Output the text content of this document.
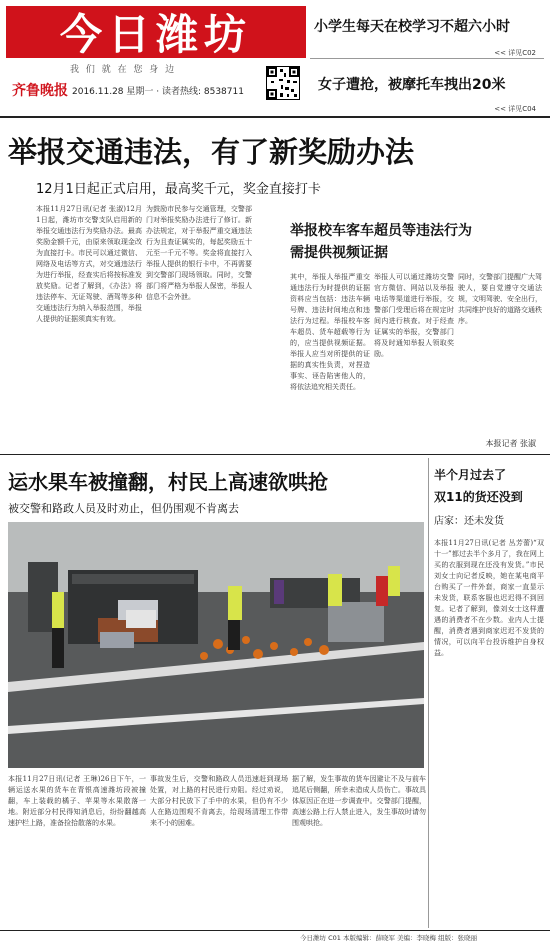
今日潍坊
我 们 就 在 您 身 边
齐鲁晚报 2016.11.28 星期一 · 读者热线: 8538711
小学生每天在校学习不超六小时
<< 详见C02
女子遭抢，被摩托车拽出20米
<< 详见C04
举报交通违法，有了新奖励办法
12月1日起正式启用，最高奖千元，奖金直接打卡
本报11月27日讯(记者 张淑)12月1日起，潍坊市交警支队启用新的举报交通违法行为奖励办法。最高奖励金额千元，由原来领取现金改为直接打卡。市民可以通过微信、网络及电话等方式，对交通违法行为进行举报，经查实后将按标准发放奖励。记者了解到，《办法》将违法停车、无证驾驶、酒驾等多种交通违法行为纳入举报范围，举报人提供的证据须真实有效。
为鼓励市民参与交通管理，交警部门对举报奖励办法进行了修订。新办法规定，对于举报严重交通违法行为且查证属实的，每起奖励五十元至一千元不等。奖金将直接打入举报人提供的银行卡中，不再需要到交警部门现场领取。同时，交警部门将严格为举报人保密，举报人信息不会外泄。
举报校车客车超员等违法行为
需提供视频证据
其中，举报人举报严重交通违法行为时提供的证据资料应当包括：违法车辆号牌、违法时间地点和违法行为过程。举报校车客车超员、货车超载等行为的，应当提供视频证据。举报人应当对所提供的证据的真实性负责，对捏造事实、诬告陷害他人的，将依法追究相关责任。
举报人可以通过潍坊交警官方微信、网站以及举报电话等渠道进行举报，交警部门受理后将在规定时间内进行核查。对于经查证属实的举报，交警部门将及时通知举报人领取奖励。
同时，交警部门提醒广大驾驶人，要自觉遵守交通法规，文明驾驶、安全出行，共同维护良好的道路交通秩序。
本报记者 张淑
运水果车被撞翻，村民上高速欲哄抢
被交警和路政人员及时劝止，但仍围观不肯离去
本报11月27日讯(记者 王琳)26日下午，一辆运送水果的货车在青银高速潍坊段被撞翻，车上装载的橘子、苹果等水果散落一地。附近部分村民得知消息后，纷纷翻越高速护栏上路，准备捡拾散落的水果。
事故发生后，交警和路政人员迅速赶到现场处置，对上路的村民进行劝阻。经过劝说，大部分村民放下了手中的水果，但仍有不少人在路边围观不肯离去，给现场清理工作带来不小的困难。
据了解，发生事故的货车因避让不及与前车追尾后侧翻，所幸未造成人员伤亡。事故具体原因正在进一步调查中。交警部门提醒，高速公路上行人禁止进入，发生事故时请勿围观哄抢。
半个月过去了
双11的货还没到
店家：还未发货
本报11月27日讯(记者 丛芳蕾)“双十一”都过去半个多月了，我在网上买的衣服到现在还没有发货。”市民刘女士向记者反映，她在某电商平台购买了一件外套，商家一直显示未发货，联系客服也迟迟得不到回复。记者了解到，像刘女士这样遭遇的消费者不在少数。业内人士提醒，消费者遇到商家迟迟不发货的情况，可以向平台投诉维护自身权益。
今日潍坊 C01 本版编辑：薛晓军 美编：李晓梅 组版：张晓丽
